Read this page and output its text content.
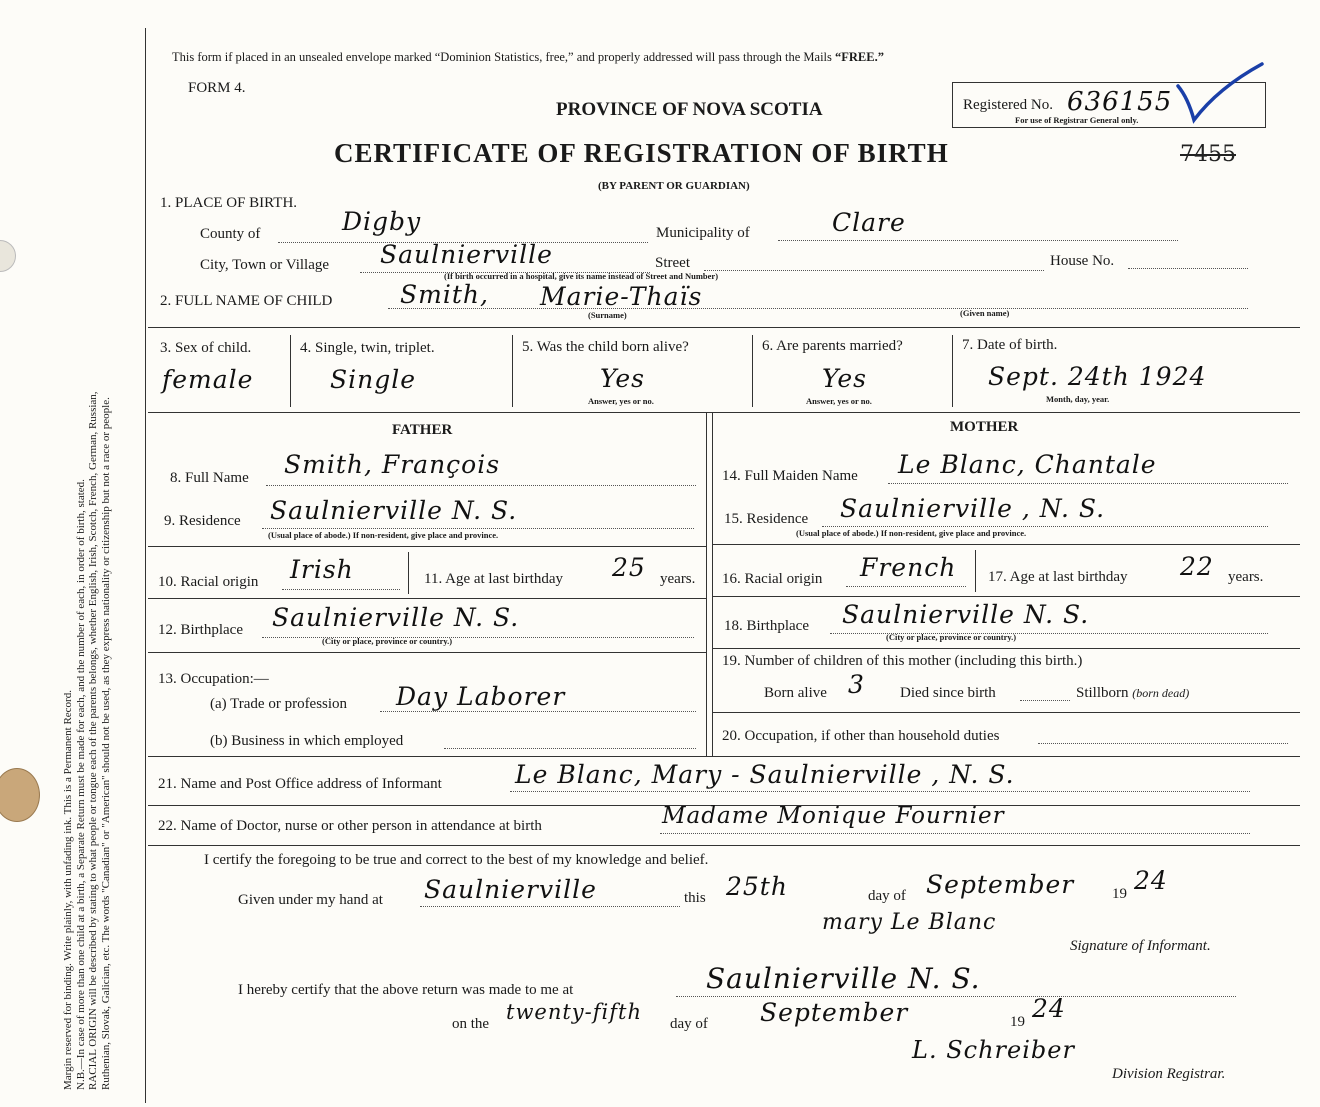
Margin reserved for binding. Write plainly, with unfading ink. This is a Permanent Record. N.B.—In case of more than one child at a birth, a Separate Return must be made for each, and the number of each, in order of birth, stated. RACIAL ORIGIN will be described by stating to what people or tongue each of the parents belongs, whether English, Irish, Scotch, French, German, Russian, Ruthenian, Slovak, Galician, etc. The words "Canadian" or "American" should not be used, as they express nationality or citizenship but not a race or people.
This form if placed in an unsealed envelope marked “Dominion Statistics, free,” and properly addressed will pass through the Mails “FREE.”
FORM 4.
PROVINCE OF NOVA SCOTIA
CERTIFICATE OF REGISTRATION OF BIRTH
(BY PARENT OR GUARDIAN)
Registered No. 636155
For use of Registrar General only.
7455
1. PLACE OF BIRTH.
County of	Digby	Municipality of	Clare
City, Town or Village Saulnierville	Street	House No.
(If birth occurred in a hospital, give its name instead of Street and Number)
2. FULL NAME OF CHILD	Smith, Marie-Thaïs
(Surname)	(Given name)
3. Sex of child.
female
4. Single, twin, triplet.
Single
5. Was the child born alive?
Yes
Answer, yes or no.
6. Are parents married?
Yes
Answer, yes or no.
7. Date of birth.
Sept. 24th 1924
Month, day, year.
FATHER
8. Full Name Smith, François
9. Residence Saulnierville N. S.
(Usual place of abode.) If non-resident, give place and province.
10. Racial origin Irish	11. Age at last birthday 25 years.
12. Birthplace Saulnierville N. S.
(City or place, province or country.)
13. Occupation:—
(a) Trade or profession Day Laborer
(b) Business in which employed
MOTHER
14. Full Maiden Name Le Blanc, Chantale
15. Residence Saulnierville , N. S.
(Usual place of abode.) If non-resident, give place and province.
16. Racial origin French 17. Age at last birthday 22 years.
18. Birthplace Saulnierville N. S.
(City or place, province or country.)
19. Number of children of this mother (including this birth.)
Born alive 3 Died since birth	Stillborn (born dead)
20. Occupation, if other than household duties
21. Name and Post Office address of Informant	Le Blanc, Mary - Saulnierville , N. S.
22. Name of Doctor, nurse or other person in attendance at birth	Madame Monique Fournier
I certify the foregoing to be true and correct to the best of my knowledge and belief.
Given under my hand at Saulnierville	this 25th	day of September	19 24
mary Le Blanc
Signature of Informant.
I hereby certify that the above return was made to me at	Saulnierville N. S.
on the twenty-fifth day of September	19 24
L. Schreiber
Division Registrar.
